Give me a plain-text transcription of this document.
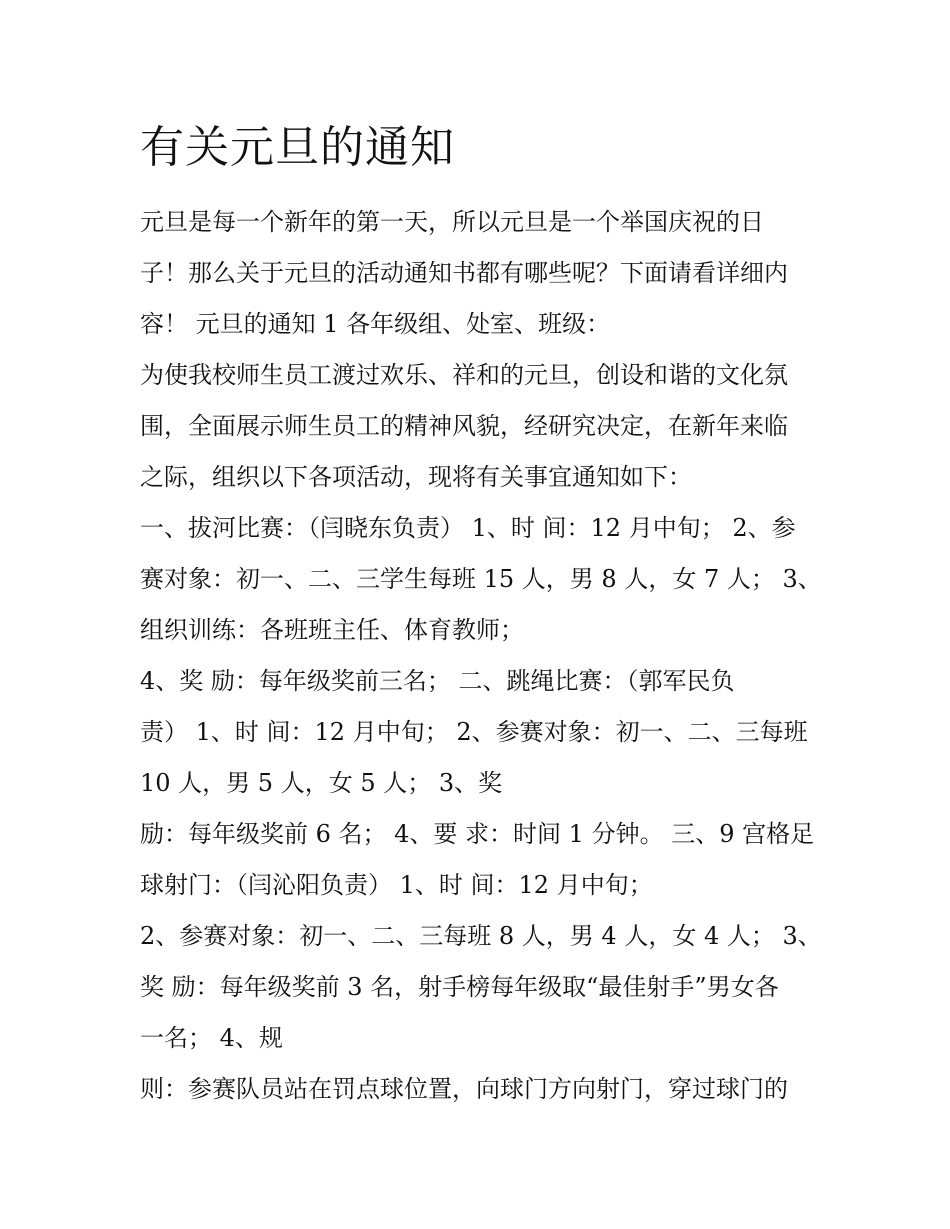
有关元旦的通知

元旦是每一个新年的第一天，所以元旦是一个举国庆祝的日

子！那么关于元旦的活动通知书都有哪些呢？下面请看详细内

容！ 元旦的通知 1 各年级组、处室、班级：

为使我校师生员工渡过欢乐、祥和的元旦，创设和谐的文化氛

围，全面展示师生员工的精神风貌，经研究决定，在新年来临

之际，组织以下各项活动，现将有关事宜通知如下：

一、拔河比赛：（闫晓东负责） 1、时 间：12 月中旬； 2、参

赛对象：初一、二、三学生每班 15 人，男 8 人，女 7 人； 3、

组织训练：各班班主任、体育教师；

4、奖 励：每年级奖前三名； 二、跳绳比赛：（郭军民负

责） 1、时 间：12 月中旬； 2、参赛对象：初一、二、三每班

10 人，男 5 人，女 5 人； 3、奖

励：每年级奖前 6 名； 4、要 求：时间 1 分钟。 三、9 宫格足

球射门：（闫沁阳负责） 1、时 间：12 月中旬；

2、参赛对象：初一、二、三每班 8 人，男 4 人，女 4 人； 3、

奖 励：每年级奖前 3 名，射手榜每年级取“最佳射手”男女各

一名； 4、规

则：参赛队员站在罚点球位置，向球门方向射门，穿过球门的
